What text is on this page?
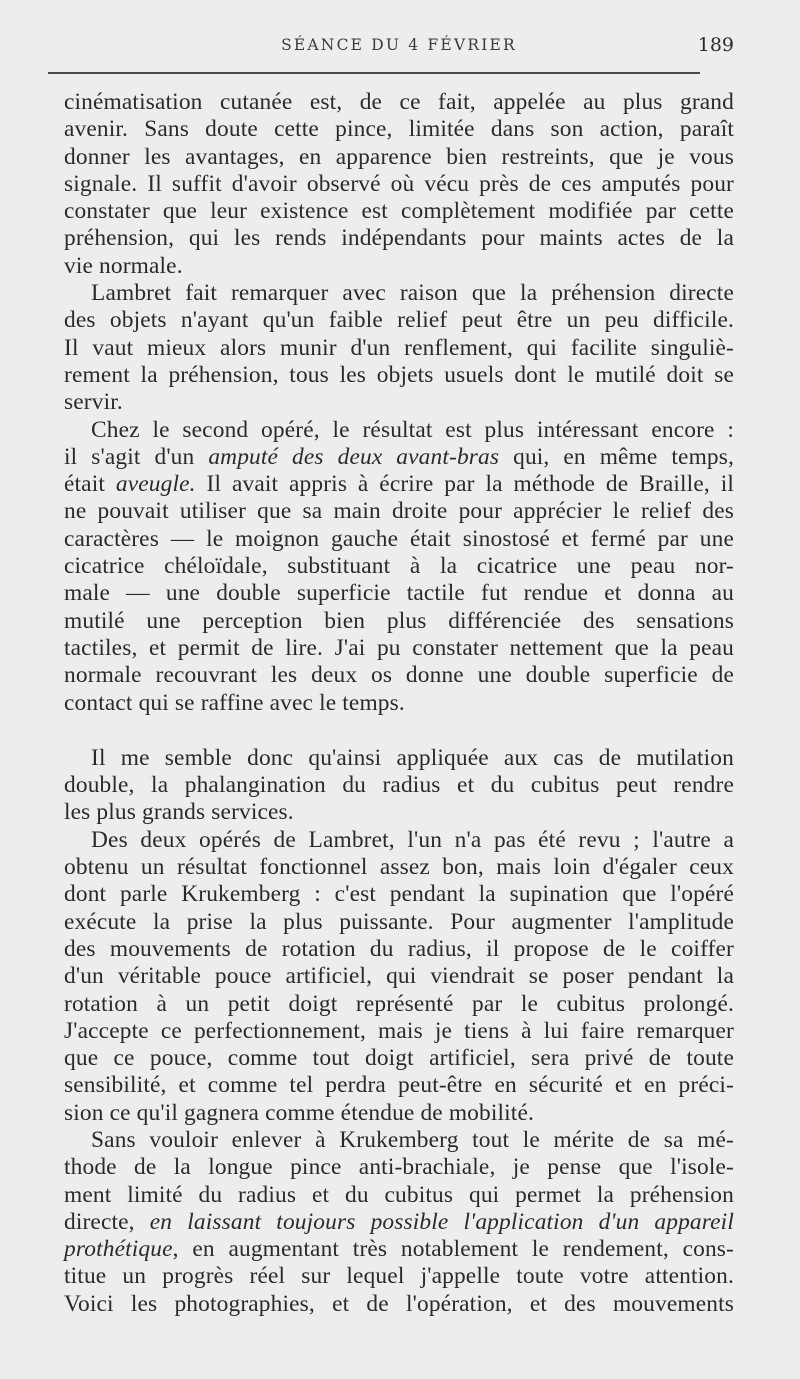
SÉANCE DU 4 FÉVRIER	189
cinématisation cutanée est, de ce fait, appelée au plus grand
avenir. Sans doute cette pince, limitée dans son action, paraît
donner les avantages, en apparence bien restreints, que je vous
signale. Il suffit d'avoir observé où vécu près de ces amputés pour
constater que leur existence est complètement modifiée par cette
préhension, qui les rends indépendants pour maints actes de la
vie normale.
Lambret fait remarquer avec raison que la préhension directe
des objets n'ayant qu'un faible relief peut être un peu difficile.
Il vaut mieux alors munir d'un renflement, qui facilite singuliè-
rement la préhension, tous les objets usuels dont le mutilé doit se
servir.
Chez le second opéré, le résultat est plus intéressant encore :
il s'agit d'un amputé des deux avant-bras qui, en même temps,
était aveugle. Il avait appris à écrire par la méthode de Braille, il
ne pouvait utiliser que sa main droite pour apprécier le relief des
caractères — le moignon gauche était sinostosé et fermé par une
cicatrice chéloïdale, substituant à la cicatrice une peau nor-
male — une double superficie tactile fut rendue et donna au
mutilé une perception bien plus différenciée des sensations
tactiles, et permit de lire. J'ai pu constater nettement que la peau
normale recouvrant les deux os donne une double superficie de
contact qui se raffine avec le temps.
Il me semble donc qu'ainsi appliquée aux cas de mutilation
double, la phalangination du radius et du cubitus peut rendre
les plus grands services.
Des deux opérés de Lambret, l'un n'a pas été revu ; l'autre a
obtenu un résultat fonctionnel assez bon, mais loin d'égaler ceux
dont parle Krukemberg : c'est pendant la supination que l'opéré
exécute la prise la plus puissante. Pour augmenter l'amplitude
des mouvements de rotation du radius, il propose de le coiffer
d'un véritable pouce artificiel, qui viendrait se poser pendant la
rotation à un petit doigt représenté par le cubitus prolongé.
J'accepte ce perfectionnement, mais je tiens à lui faire remarquer
que ce pouce, comme tout doigt artificiel, sera privé de toute
sensibilité, et comme tel perdra peut-être en sécurité et en préci-
sion ce qu'il gagnera comme étendue de mobilité.
Sans vouloir enlever à Krukemberg tout le mérite de sa mé-
thode de la longue pince anti-brachiale, je pense que l'isole-
ment limité du radius et du cubitus qui permet la préhension
directe, en laissant toujours possible l'application d'un appareil
prothétique, en augmentant très notablement le rendement, cons-
titue un progrès réel sur lequel j'appelle toute votre attention.
Voici les photographies, et de l'opération, et des mouvements
